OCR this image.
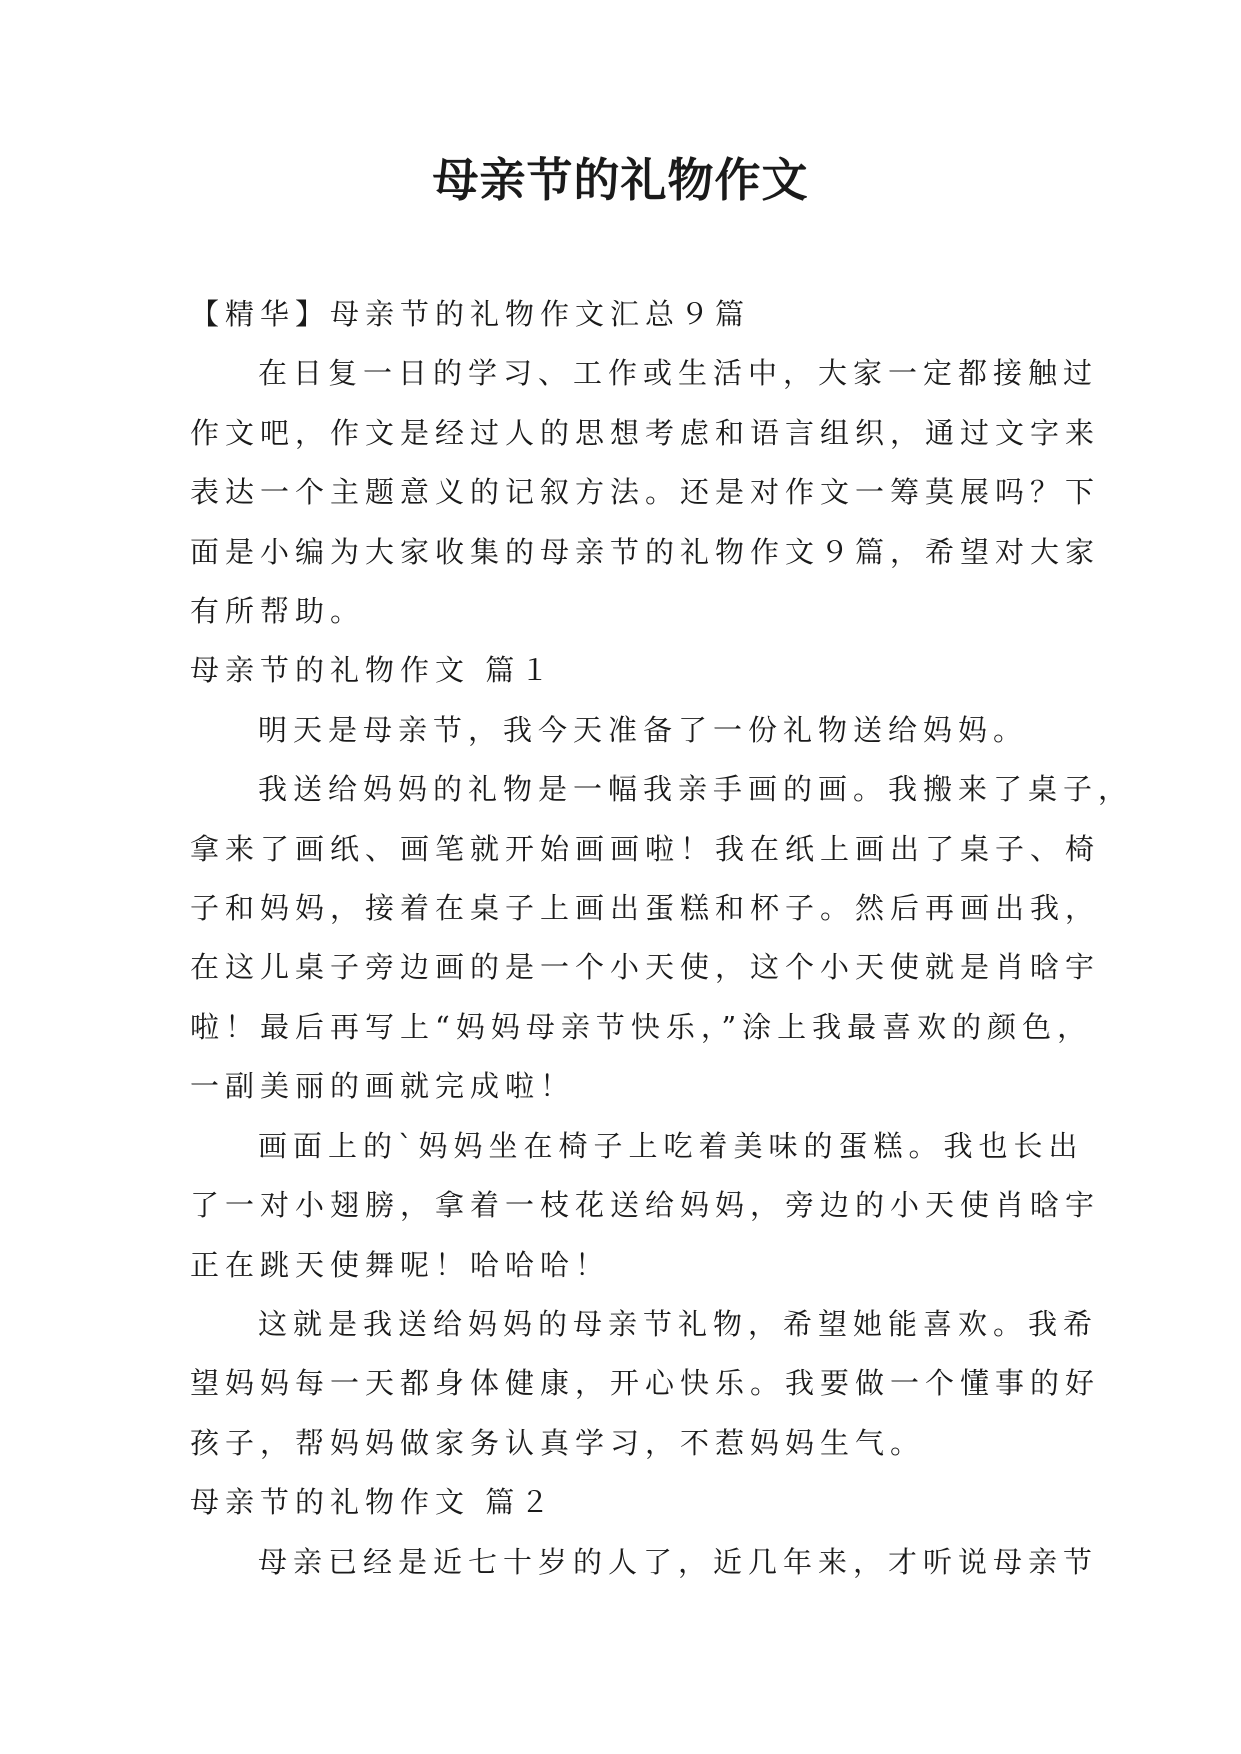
母亲节的礼物作文

【精华】母亲节的礼物作文汇总９篇

在日复一日的学习、工作或生活中，大家一定都接触过

作文吧，作文是经过人的思想考虑和语言组织，通过文字来

表达一个主题意义的记叙方法。还是对作文一筹莫展吗？下

面是小编为大家收集的母亲节的礼物作文９篇，希望对大家

有所帮助。

母亲节的礼物作文 篇１

明天是母亲节，我今天准备了一份礼物送给妈妈。

我送给妈妈的礼物是一幅我亲手画的画。我搬来了桌子，

拿来了画纸、画笔就开始画画啦！我在纸上画出了桌子、椅

子和妈妈，接着在桌子上画出蛋糕和杯子。然后再画出我，

在这儿桌子旁边画的是一个小天使，这个小天使就是肖晗宇

啦！最后再写上“妈妈母亲节快乐，”涂上我最喜欢的颜色，

一副美丽的画就完成啦！

画面上的`妈妈坐在椅子上吃着美味的蛋糕。我也长出

了一对小翅膀，拿着一枝花送给妈妈，旁边的小天使肖晗宇

正在跳天使舞呢！哈哈哈！

这就是我送给妈妈的母亲节礼物，希望她能喜欢。我希

望妈妈每一天都身体健康，开心快乐。我要做一个懂事的好

孩子，帮妈妈做家务认真学习，不惹妈妈生气。

母亲节的礼物作文 篇２

母亲已经是近七十岁的人了，近几年来，才听说母亲节
